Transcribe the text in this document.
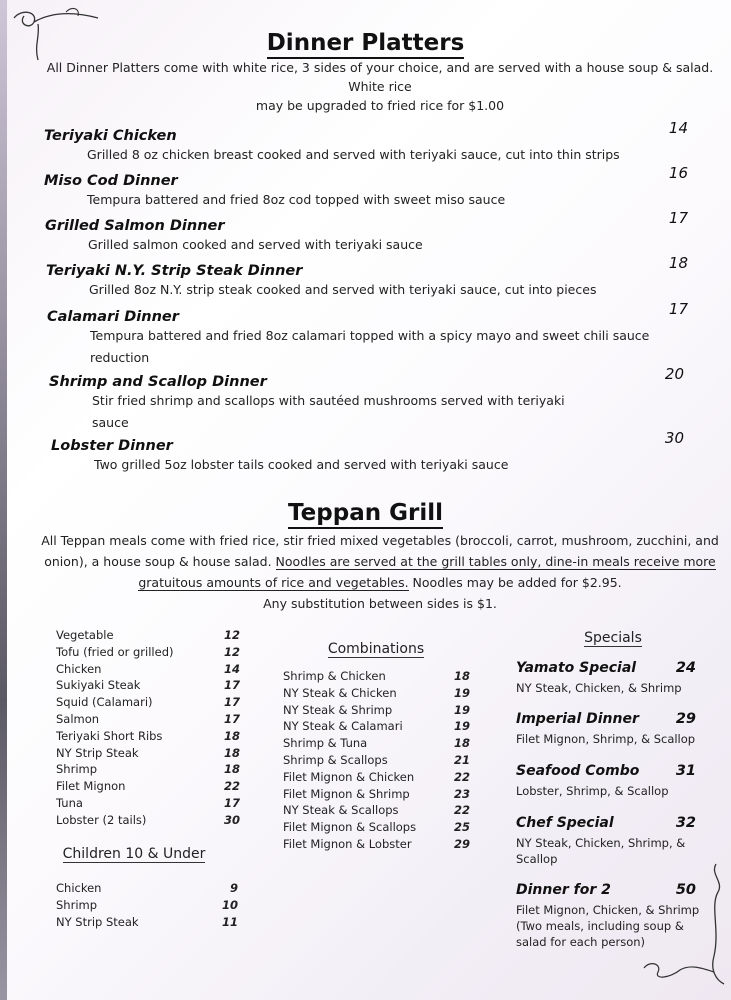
Dinner Platters
All Dinner Platters come with white rice, 3 sides of your choice, and are served with a house soup & salad. White rice
may be upgraded to fried rice for $1.00
Teriyaki Chicken	14
Grilled 8 oz chicken breast cooked and served with teriyaki sauce, cut into thin strips
Miso Cod Dinner	16
Tempura battered and fried 8oz cod topped with sweet miso sauce
Grilled Salmon Dinner	17
Grilled salmon cooked and served with teriyaki sauce
Teriyaki N.Y. Strip Steak Dinner	18
Grilled 8oz N.Y. strip steak cooked and served with teriyaki sauce, cut into pieces
Calamari Dinner	17
Tempura battered and fried 8oz calamari topped with a spicy mayo and sweet chili sauce
reduction
Shrimp and Scallop Dinner	20
Stir fried shrimp and scallops with sautéed mushrooms served with teriyaki
sauce
Lobster Dinner	30
Two grilled 5oz lobster tails cooked and served with teriyaki sauce
Teppan Grill
All Teppan meals come with fried rice, stir fried mixed vegetables (broccoli, carrot, mushroom, zucchini, and
onion), a house soup & house salad. Noodles are served at the grill tables only, dine-in meals receive more
gratuitous amounts of rice and vegetables. Noodles may be added for $2.95.
Any substitution between sides is $1.
Vegetable	12
Tofu (fried or grilled)	12
Chicken	14
Sukiyaki Steak	17
Squid (Calamari)	17
Salmon	17
Teriyaki Short Ribs	18
NY Strip Steak	18
Shrimp	18
Filet Mignon	22
Tuna	17
Lobster (2 tails)	30
Children 10 & Under
Chicken	9
Shrimp	10
NY Strip Steak	11
Combinations
Shrimp & Chicken	18
NY Steak & Chicken	19
NY Steak & Shrimp	19
NY Steak & Calamari	19
Shrimp & Tuna	18
Shrimp & Scallops	21
Filet Mignon & Chicken	22
Filet Mignon & Shrimp	23
NY Steak & Scallops	22
Filet Mignon & Scallops	25
Filet Mignon & Lobster	29
Specials
Yamato Special	24
NY Steak, Chicken, & Shrimp
Imperial Dinner	29
Filet Mignon, Shrimp, & Scallop
Seafood Combo	31
Lobster, Shrimp, & Scallop
Chef Special	32
NY Steak, Chicken, Shrimp, &
Scallop
Dinner for 2	50
Filet Mignon, Chicken, & Shrimp
(Two meals, including soup &
salad for each person)
